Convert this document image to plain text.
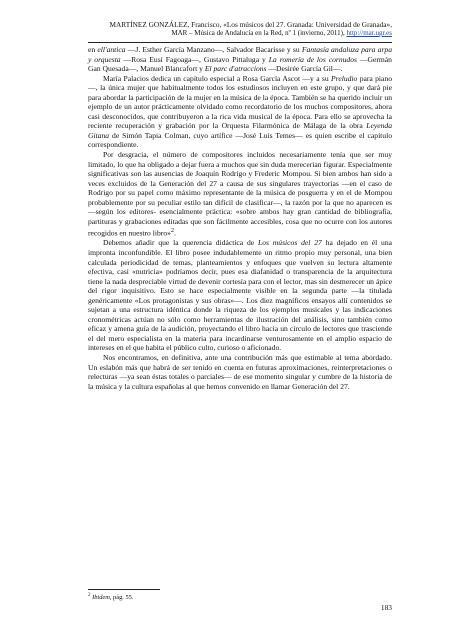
MARTÍNEZ GONZÁLEZ, Francisco, «Los músicos del 27. Granada: Universidad de Granada»,
MAR – Música de Andalucía en la Red, nº 1 (invierno, 2011), http://mar.ugr.es

en ell'antica —J. Esther García Manzano—, Salvador Bacarisse y su Fantasía andaluza para arpa y orquesta —Rosa Eusí Fagoaga—, Gustavo Pittaluga y La romería de los cornudos —Germán Gan Quesada—, Manuel Blancafort y El parc d'atraccions —Desirée García Gil—.

María Palacios dedica un capítulo especial a Rosa García Ascot —y a su Preludio para piano—, la única mujer que habitualmente todos los estudiosos incluyen en este grupo, y que dará pie para abordar la participación de la mujer en la música de la época. También se ha querido incluir un ejemplo de un autor prácticamente olvidado como recordatorio de los muchos compositores, ahora casi desconocidos, que contribuyeron a la rica vida musical de la época. Para ello se aprovecha la reciente recuperación y grabación por la Orquesta Filarmónica de Málaga de la obra Leyenda Gitana de Simón Tapia Colman, cuyo artífice —José Luis Temes— es quien escribe el capítulo correspondiente.

Por desgracia, el número de compositores incluidos necesariamente tenía que ser muy limitado, lo que ha obligado a dejar fuera a muchos que sin duda merecerían figurar. Especialmente significativas son las ausencias de Joaquín Rodrigo y Frederic Mompou. Si bien ambos han sido a veces excluidos de la Generación del 27 a causa de sus singulares trayectorias —en el caso de Rodrigo por su papel como máximo representante de la música de posguerra y en el de Mompou probablemente por su peculiar estilo tan difícil de clasificar—, la razón por la que no aparecen es —según los editores- esencialmente práctica: «sobre ambos hay gran cantidad de bibliografía, partituras y grabaciones editadas que son fácilmente accesibles, cosa que no ocurre con los autores recogidos en nuestro libro»$^2$.

Debemos añadir que la querencia didáctica de Los músicos del 27 ha dejado en él una impronta inconfundible. El libro posee indudablemente un ritmo propio muy personal, una bien calculada periodicidad de temas, planteamientos y enfoques que vuelven su lectura altamente efectiva, casi «nutricia» podríamos decir, pues esa diafanidad o transparencia de la arquitectura tiene la nada despreciable virtud de devenir cortesía para con el lector, mas sin desmerecer un ápice del rigor inquisitivo. Esto se hace especialmente visible en la segunda parte —la titulada genéricamente «Los protagonistas y sus obras»—. Los diez magníficos ensayos allí contenidos se sujetan a una estructura idéntica donde la riqueza de los ejemplos musicales y las indicaciones cronométricas actúan no sólo como herramientas de ilustración del análisis, sino también como eficaz y amena guía de la audición, proyectando el libro hacia un círculo de lectores que trasciende el del mero especialista en la materia para incardinarse venturosamente en el amplio espacio de intereses en el que habita el público culto, curioso o aficionado.

Nos encontramos, en definitiva, ante una contribución más que estimable al tema abordado. Un eslabón más que habrá de ser tenido en cuenta en futuras aproximaciones, reinterpretaciones o relecturas —ya sean éstas totales o parciales— de ese momento singular y cumbre de la historia de la música y la cultura españolas al que hemos convenido en llamar Generación del 27.

$^2$ Ibidem, pág. 55.
183
